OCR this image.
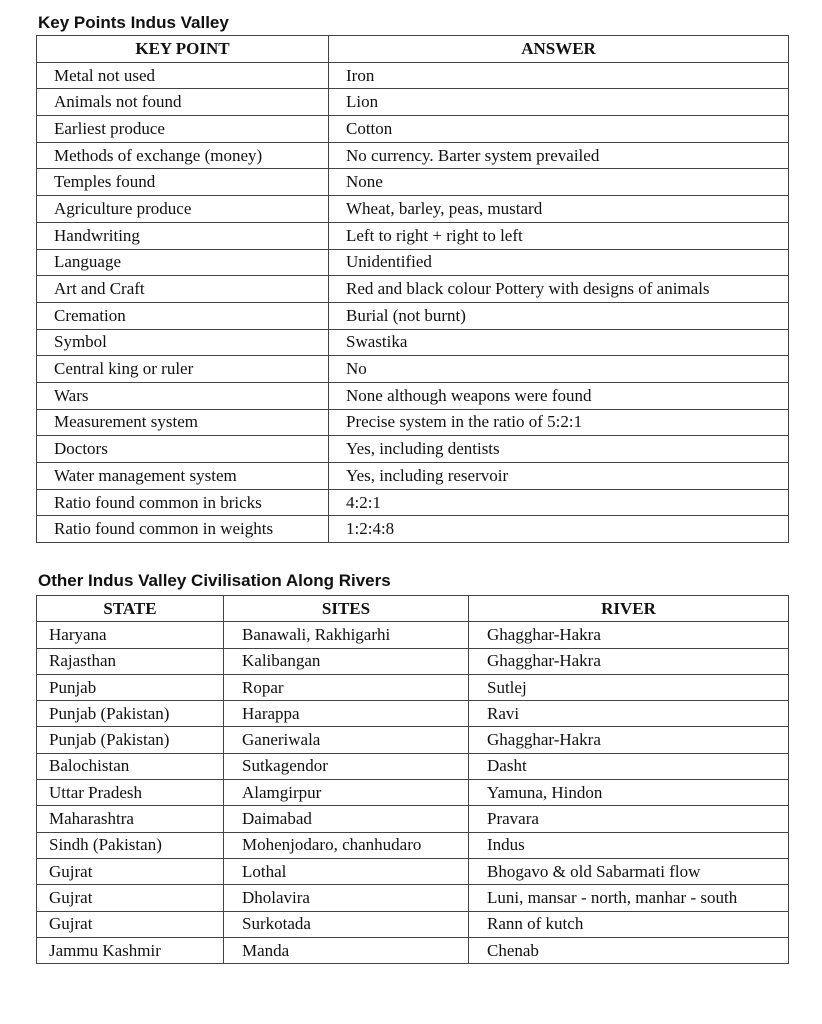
Key Points Indus Valley
KEY POINT	ANSWER
Metal not used	Iron
Animals not found	Lion
Earliest produce	Cotton
Methods of exchange (money)	No currency. Barter system prevailed
Temples found	None
Agriculture produce	Wheat, barley, peas, mustard
Handwriting	Left to right + right to left
Language	Unidentified
Art and Craft	Red and black colour Pottery with designs of animals
Cremation	Burial (not burnt)
Symbol	Swastika
Central king or ruler	No
Wars	None although weapons were found
Measurement system	Precise system in the ratio of 5:2:1
Doctors	Yes, including dentists
Water management system	Yes, including reservoir
Ratio found common in bricks	4:2:1
Ratio found common in weights	1:2:4:8
Other Indus Valley Civilisation Along Rivers
STATE	SITES	RIVER
Haryana	Banawali, Rakhigarhi	Ghagghar-Hakra
Rajasthan	Kalibangan	Ghagghar-Hakra
Punjab	Ropar	Sutlej
Punjab (Pakistan)	Harappa	Ravi
Punjab (Pakistan)	Ganeriwala	Ghagghar-Hakra
Balochistan	Sutkagendor	Dasht
Uttar Pradesh	Alamgirpur	Yamuna, Hindon
Maharashtra	Daimabad	Pravara
Sindh (Pakistan)	Mohenjodaro, chanhudaro	Indus
Gujrat	Lothal	Bhogavo & old Sabarmati flow
Gujrat	Dholavira	Luni, mansar - north, manhar - south
Gujrat	Surkotada	Rann of kutch
Jammu Kashmir	Manda	Chenab
